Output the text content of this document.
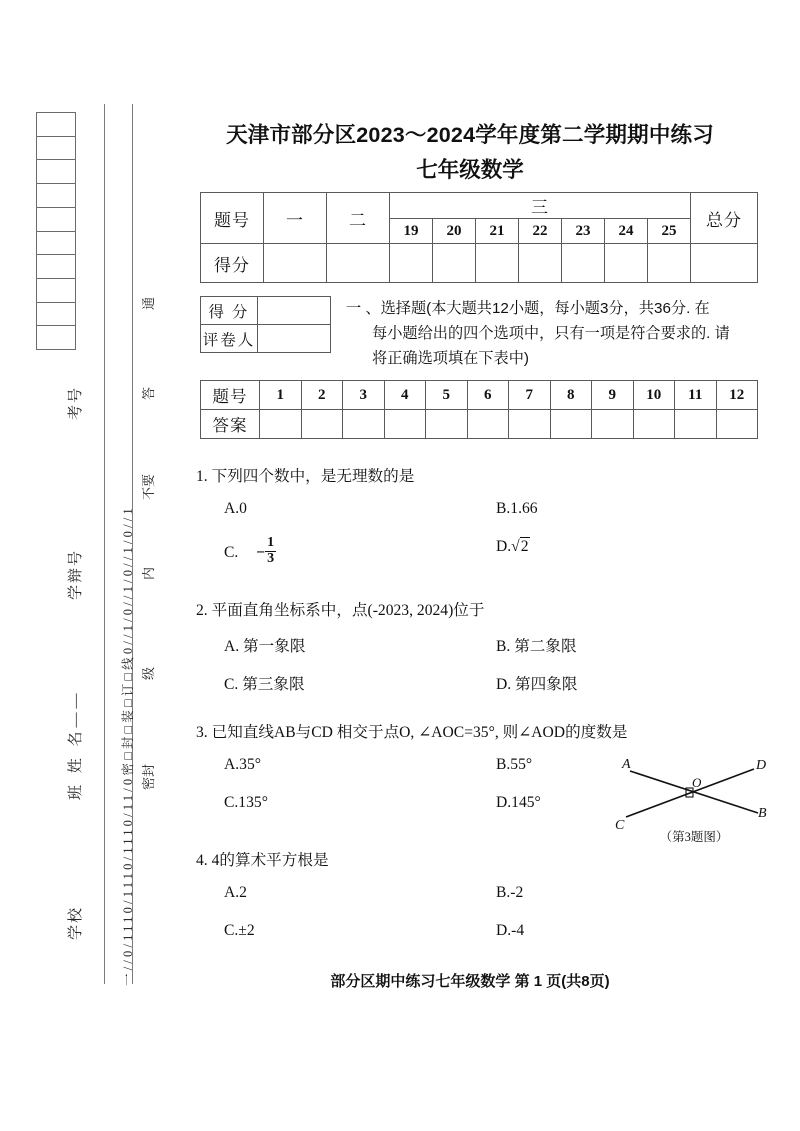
考号
学辩号
班 姓 名——
学校	一//0/1110/1110/1110/11/0密□封□装□订□线0//1/0//1/0//1/0//1 密封
级
内
不要
答
通
天津市部分区2023～2024学年度第二学期期中练习
七年级数学
题号	一	二	三							总分
			19	20	21	22	23	24	25	
得分										
得 分	
评卷人	
一 、选择题(本大题共12小题，每小题3分，共36分. 在
每小题给出的四个选项中，只有一项是符合要求的. 请
将正确选项填在下表中)
题号	1	2	3	4	5	6	7	8	9	10	11	12
答案												
1. 下列四个数中，是无理数的是
A.0	B.1.66
C. − $\frac{1}{3}$	D.√2
2. 平面直角坐标系中，点(-2023, 2024)位于
A. 第一象限	B. 第二象限
C. 第三象限	D. 第四象限
3. 已知直线AB与CD 相交于点O, ∠AOC=35°, 则∠AOD的度数是
A.35°	B.55°
C.135°	D.145°
A
B
C
D
O
（第3题图）
4. 4的算术平方根是
A.2	B.-2
C.±2	D.-4
部分区期中练习七年级数学 第 1 页(共8页)
